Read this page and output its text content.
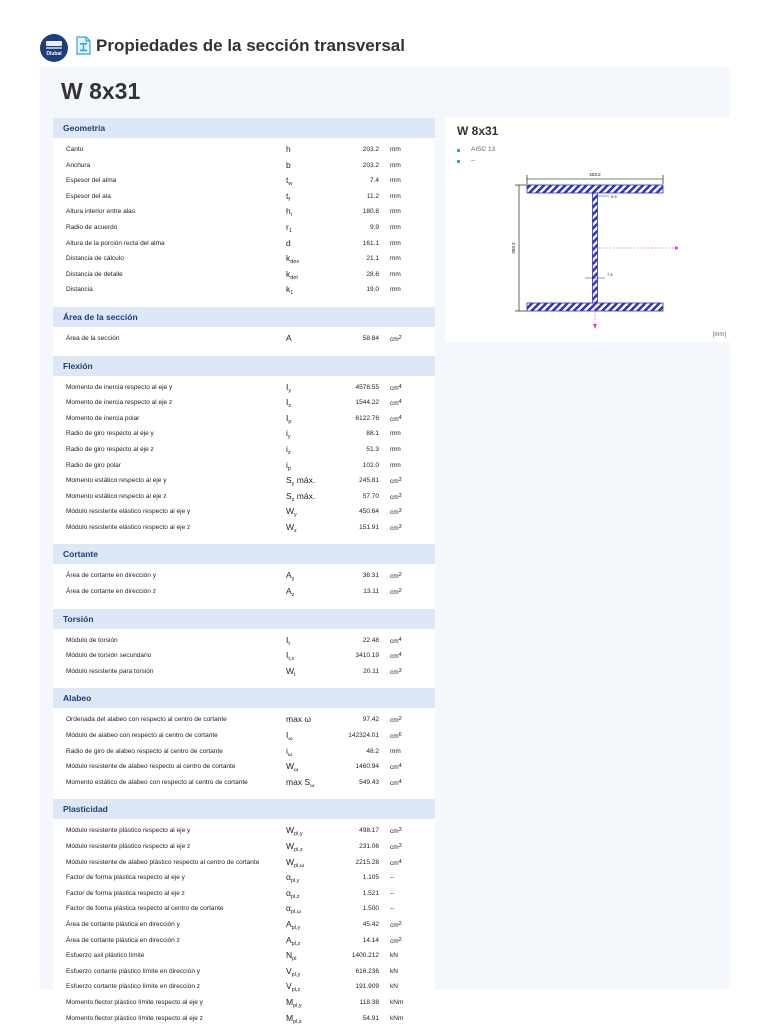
Dlubal	Propiedades de la sección transversal
W 8x31
Geometría
Canto	h	203.2 mm
Anchura	b	203.2 mm
Espesor del alma	$t_w$	7.4 mm
Espesor del ala	$t_f$	11.2 mm
Altura interior entre alas	$h_i$	180.8 mm
Radio de acuerdo	$r_1$	9.9 mm
Altura de la porción recta del alma	d	161.1 mm
Distancia de cálculo	$k_{des}$	21.1 mm
Distancia de detalle	$k_{det}$	28.6 mm
Distancia	$k_1$	19.0 mm
Área de la sección
Área de la sección	A	58.84 $cm^2$
Flexión
Momento de inercia respecto al eje y	$I_y$	4578.55 $cm^4$
Momento de inercia respecto al eje z	$I_z$	1544.22 $cm^4$
Momento de inercia polar	$I_p$	6122.76 $cm^4$
Radio de giro respecto al eje y	$i_y$	88.1 mm
Radio de giro respecto al eje z	$i_z$	51.3 mm
Radio de giro polar	$i_p$	102.0 mm
Momento estático respecto al eje y	$S_y$ máx.	245.81 $cm^3$
Momento estático respecto al eje z	$S_z$ máx.	57.70 $cm^3$
Módulo resistente elástico respecto al eje y	$W_y$	450.64 $cm^3$
Módulo resistente elástico respecto al eje z	$W_z$	151.91 $cm^3$
Cortante
Área de cortante en dirección y	$A_y$	36.31 $cm^2$
Área de cortante en dirección z	$A_z$	13.11 $cm^2$
Torsión
Módulo de torsión	$I_t$	22.48 $cm^4$
Módulo de torsión secundario	$I_{t,s}$	3410.19 $cm^4$
Módulo resistente para torsión	$W_t$	20.11 $cm^3$
Alabeo
Ordenada del alabeo con respecto al centro de cortante	max ω	97.42 $cm^2$
Módulo de alabeo con respecto al centro de cortante	$I_\omega$	142324.01 $cm^6$
Radio de giro de alabeo respecto al centro de cortante	$i_\omega$	48.2 mm
Módulo resistente de alabeo respecto al centro de cortante	$W_\omega$	1460.94 $cm^4$
Momento estático de alabeo con respecto al centro de cortante	$\max S_\omega$	549.43 $cm^4$
Plasticidad
Módulo resistente plástico respecto al eje y	$W_{pl,y}$	498.17 $cm^3$
Módulo resistente plástico respecto al eje z	$W_{pl,z}$	231.06 $cm^3$
Módulo resistente de alabeo plástico respecto al centro de cortante	$W_{pl,\omega}$	2215.28 $cm^4$
Factor de forma plástica respecto al eje y	$\alpha_{pl,y}$	1.105 --
Factor de forma plástica respecto al eje z	$\alpha_{pl,z}$	1.521 --
Factor de forma plástica respecto al centro de cortante	$\alpha_{pl,\omega}$	1.500 --
Área de cortante plástica en dirección y	$A_{pl,y}$	45.42 $cm^2$
Área de cortante plástica en dirección z	$A_{pl,z}$	14.14 $cm^2$
Esfuerzo axil plástico límite	$N_{pl}$	1400.212 kN
Esfuerzo cortante plástico límite en dirección y	$V_{pl,y}$	616.236 kN
Esfuerzo cortante plástico límite en dirección z	$V_{pl,z}$	191.909 kN
Momento flector plástico límite respecto al eje y	$M_{pl,y}$	118.38 kNm
Momento flector plástico límite respecto al eje z	$M_{pl,z}$	54.91 kNm
W 8x31
AISC 13
--
203.2
203.2
9.9
7.4
[mm]
